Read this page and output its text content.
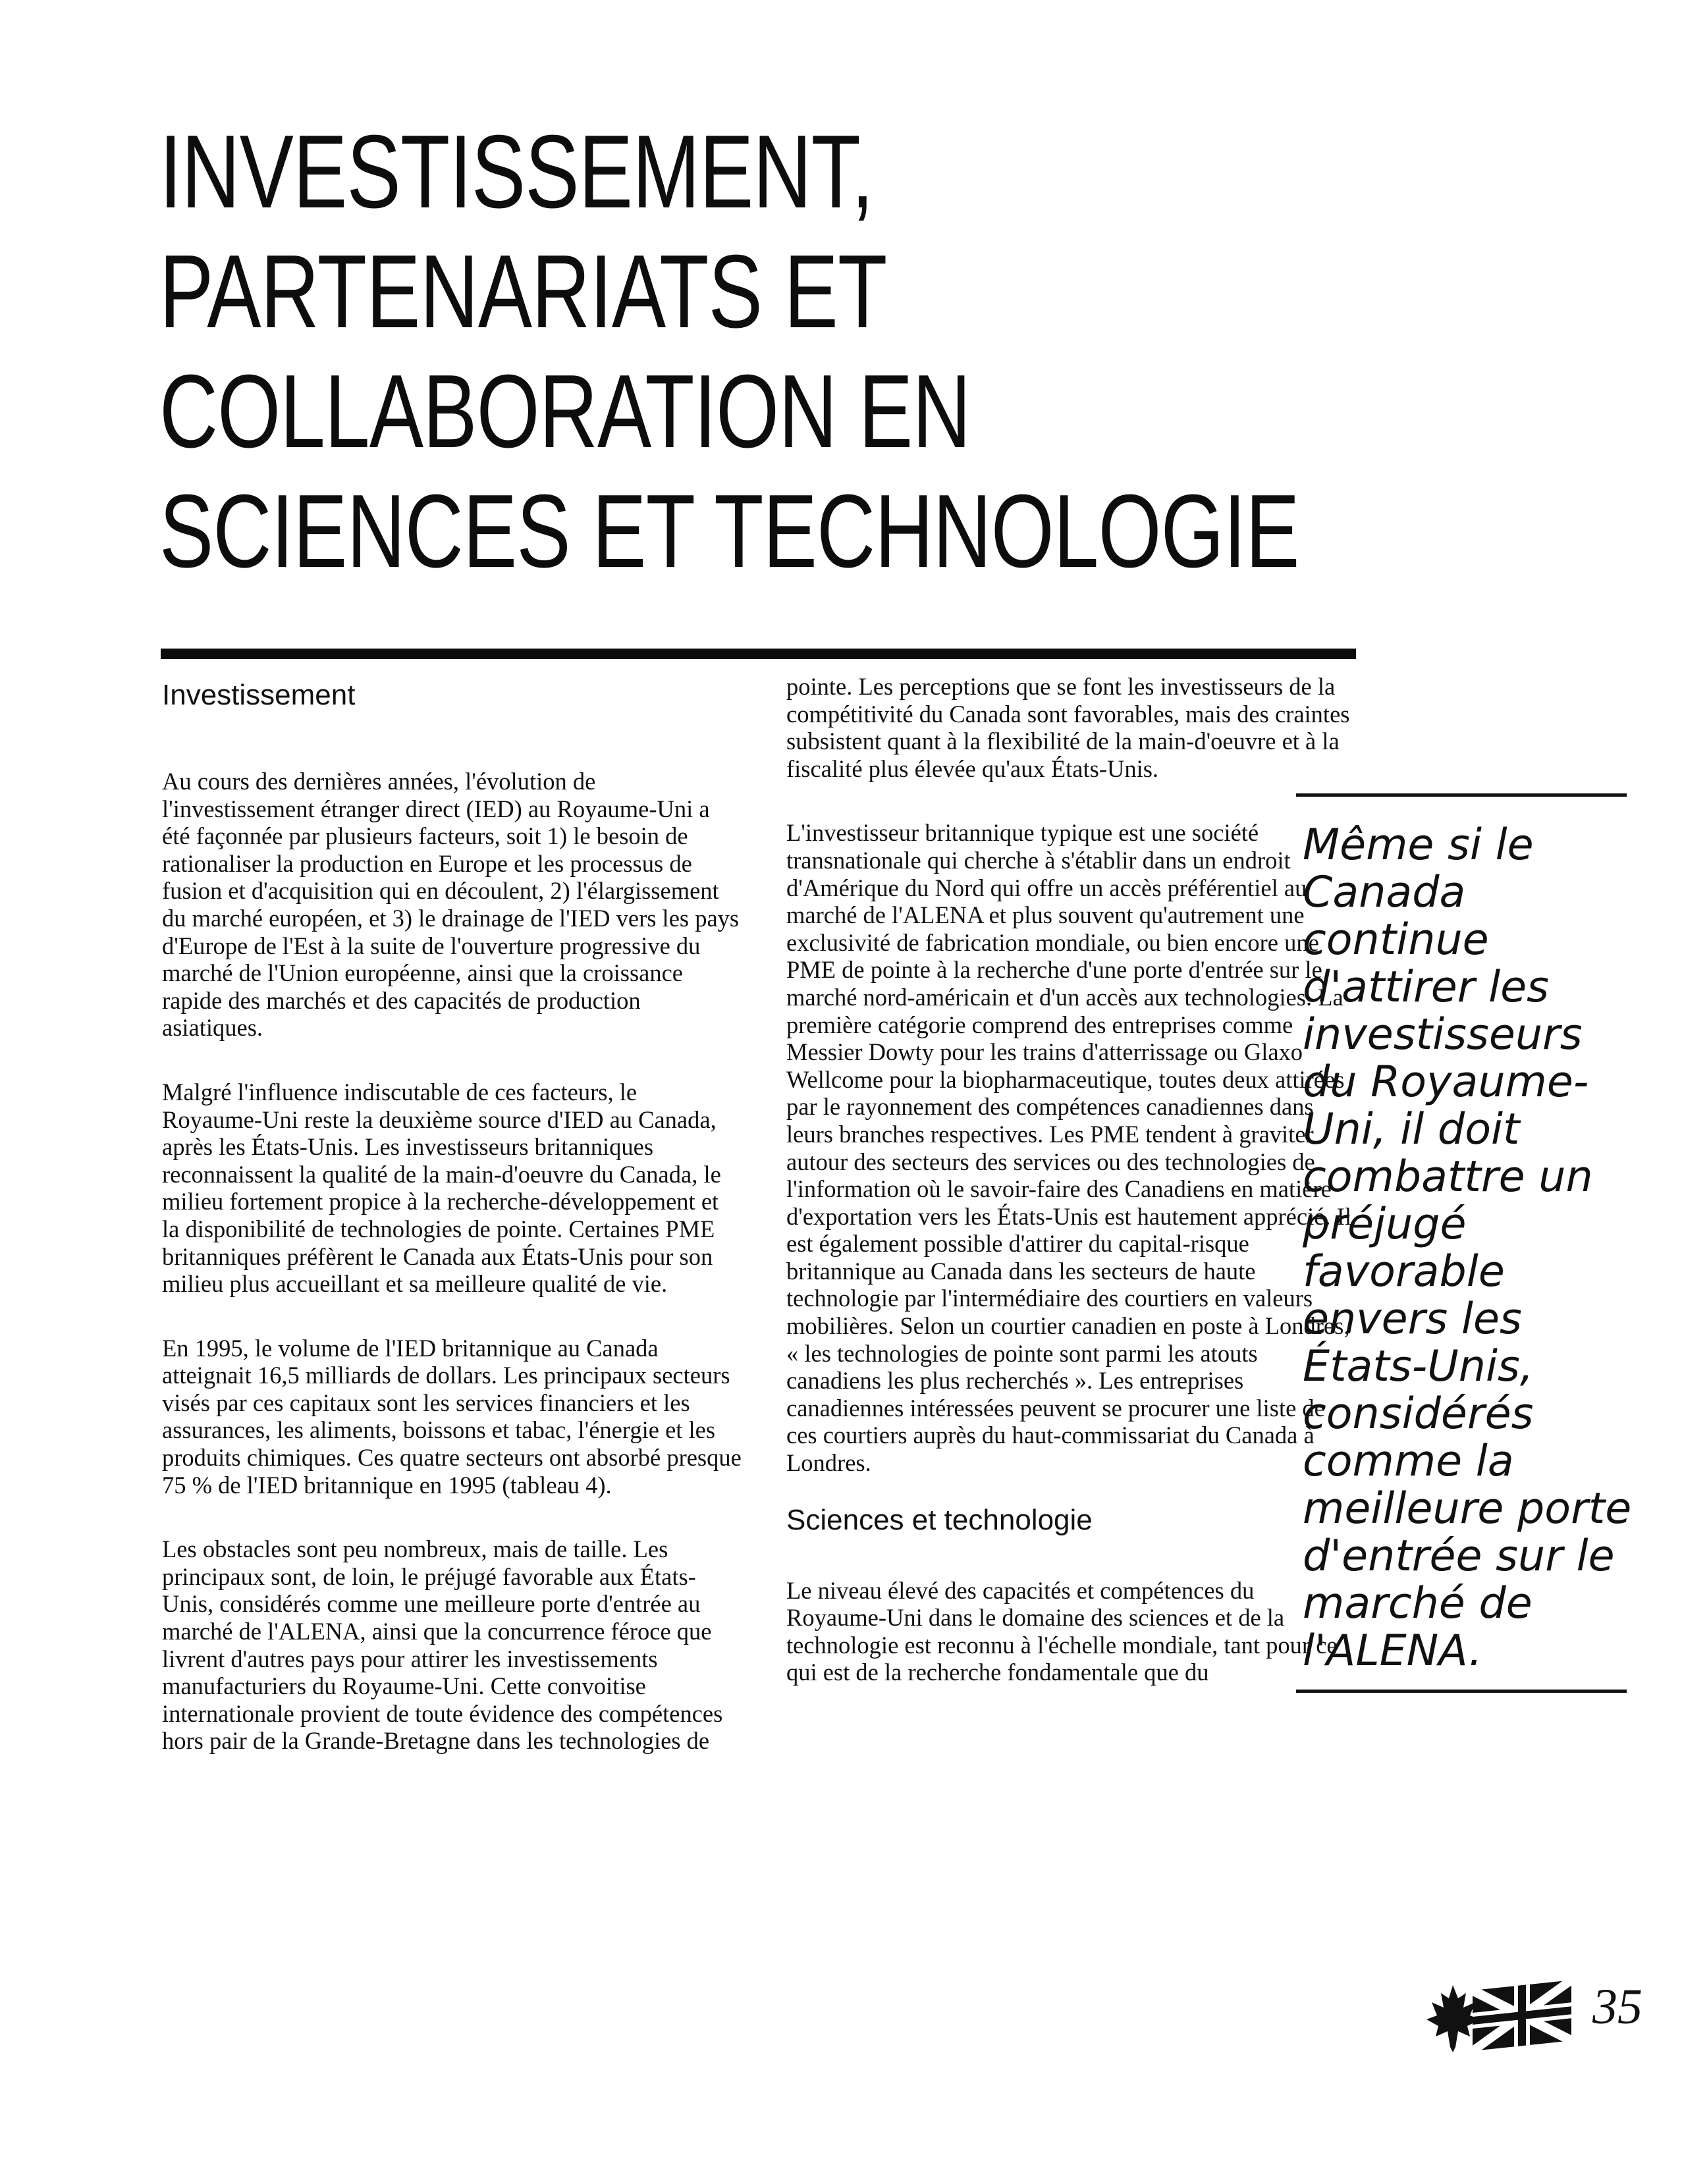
INVESTISSEMENT,
PARTENARIATS ET
COLLABORATION EN
SCIENCES ET TECHNOLOGIE
Investissement

Au cours des dernières années, l'évolution de l'investissement étranger direct (IED) au Royaume-Uni a été façonnée par plusieurs facteurs, soit 1) le besoin de rationaliser la production en Europe et les processus de fusion et d'acquisition qui en découlent, 2) l'élargissement du marché européen, et 3) le drainage de l'IED vers les pays d'Europe de l'Est à la suite de l'ouverture progressive du marché de l'Union européenne, ainsi que la croissance rapide des marchés et des capacités de production asiatiques.

Malgré l'influence indiscutable de ces facteurs, le Royaume-Uni reste la deuxième source d'IED au Canada, après les États-Unis. Les investisseurs britanniques reconnaissent la qualité de la main-d'oeuvre du Canada, le milieu fortement propice à la recherche-développement et la disponibilité de technologies de pointe. Certaines PME britanniques préfèrent le Canada aux États-Unis pour son milieu plus accueillant et sa meilleure qualité de vie.

En 1995, le volume de l'IED britannique au Canada atteignait 16,5 milliards de dollars. Les principaux secteurs visés par ces capitaux sont les services financiers et les assurances, les aliments, boissons et tabac, l'énergie et les produits chimiques. Ces quatre secteurs ont absorbé presque 75 % de l'IED britannique en 1995 (tableau 4).

Les obstacles sont peu nombreux, mais de taille. Les principaux sont, de loin, le préjugé favorable aux États-Unis, considérés comme une meilleure porte d'entrée au marché de l'ALENA, ainsi que la concurrence féroce que livrent d'autres pays pour attirer les investissements manufacturiers du Royaume-Uni. Cette convoitise internationale provient de toute évidence des compétences hors pair de la Grande-Bretagne dans les technologies de

pointe. Les perceptions que se font les investisseurs de la compétitivité du Canada sont favorables, mais des craintes subsistent quant à la flexibilité de la main-d'oeuvre et à la fiscalité plus élevée qu'aux États-Unis.

L'investisseur britannique typique est une société transnationale qui cherche à s'établir dans un endroit d'Amérique du Nord qui offre un accès préférentiel au marché de l'ALENA et plus souvent qu'autrement une exclusivité de fabrication mondiale, ou bien encore une PME de pointe à la recherche d'une porte d'entrée sur le marché nord-américain et d'un accès aux technologies. La première catégorie comprend des entreprises comme Messier Dowty pour les trains d'atterrissage ou Glaxo Wellcome pour la biopharmaceutique, toutes deux attirées par le rayonnement des compétences canadiennes dans leurs branches respectives. Les PME tendent à graviter autour des secteurs des services ou des technologies de l'information où le savoir-faire des Canadiens en matière d'exportation vers les États-Unis est hautement apprécié. Il est également possible d'attirer du capital-risque britannique au Canada dans les secteurs de haute technologie par l'intermédiaire des courtiers en valeurs mobilières. Selon un courtier canadien en poste à Londres, « les technologies de pointe sont parmi les atouts canadiens les plus recherchés ». Les entreprises canadiennes intéressées peuvent se procurer une liste de ces courtiers auprès du haut-commissariat du Canada à Londres.

Sciences et technologie

Le niveau élevé des capacités et compétences du Royaume-Uni dans le domaine des sciences et de la technologie est reconnu à l'échelle mondiale, tant pour ce qui est de la recherche fondamentale que du

Même si le
Canada
continue
d'attirer les
investisseurs
du Royaume-
Uni, il doit
combattre un
préjugé
favorable
envers les
États-Unis,
considérés
comme la
meilleure porte
d'entrée sur le
marché de
l'ALENA.
35
